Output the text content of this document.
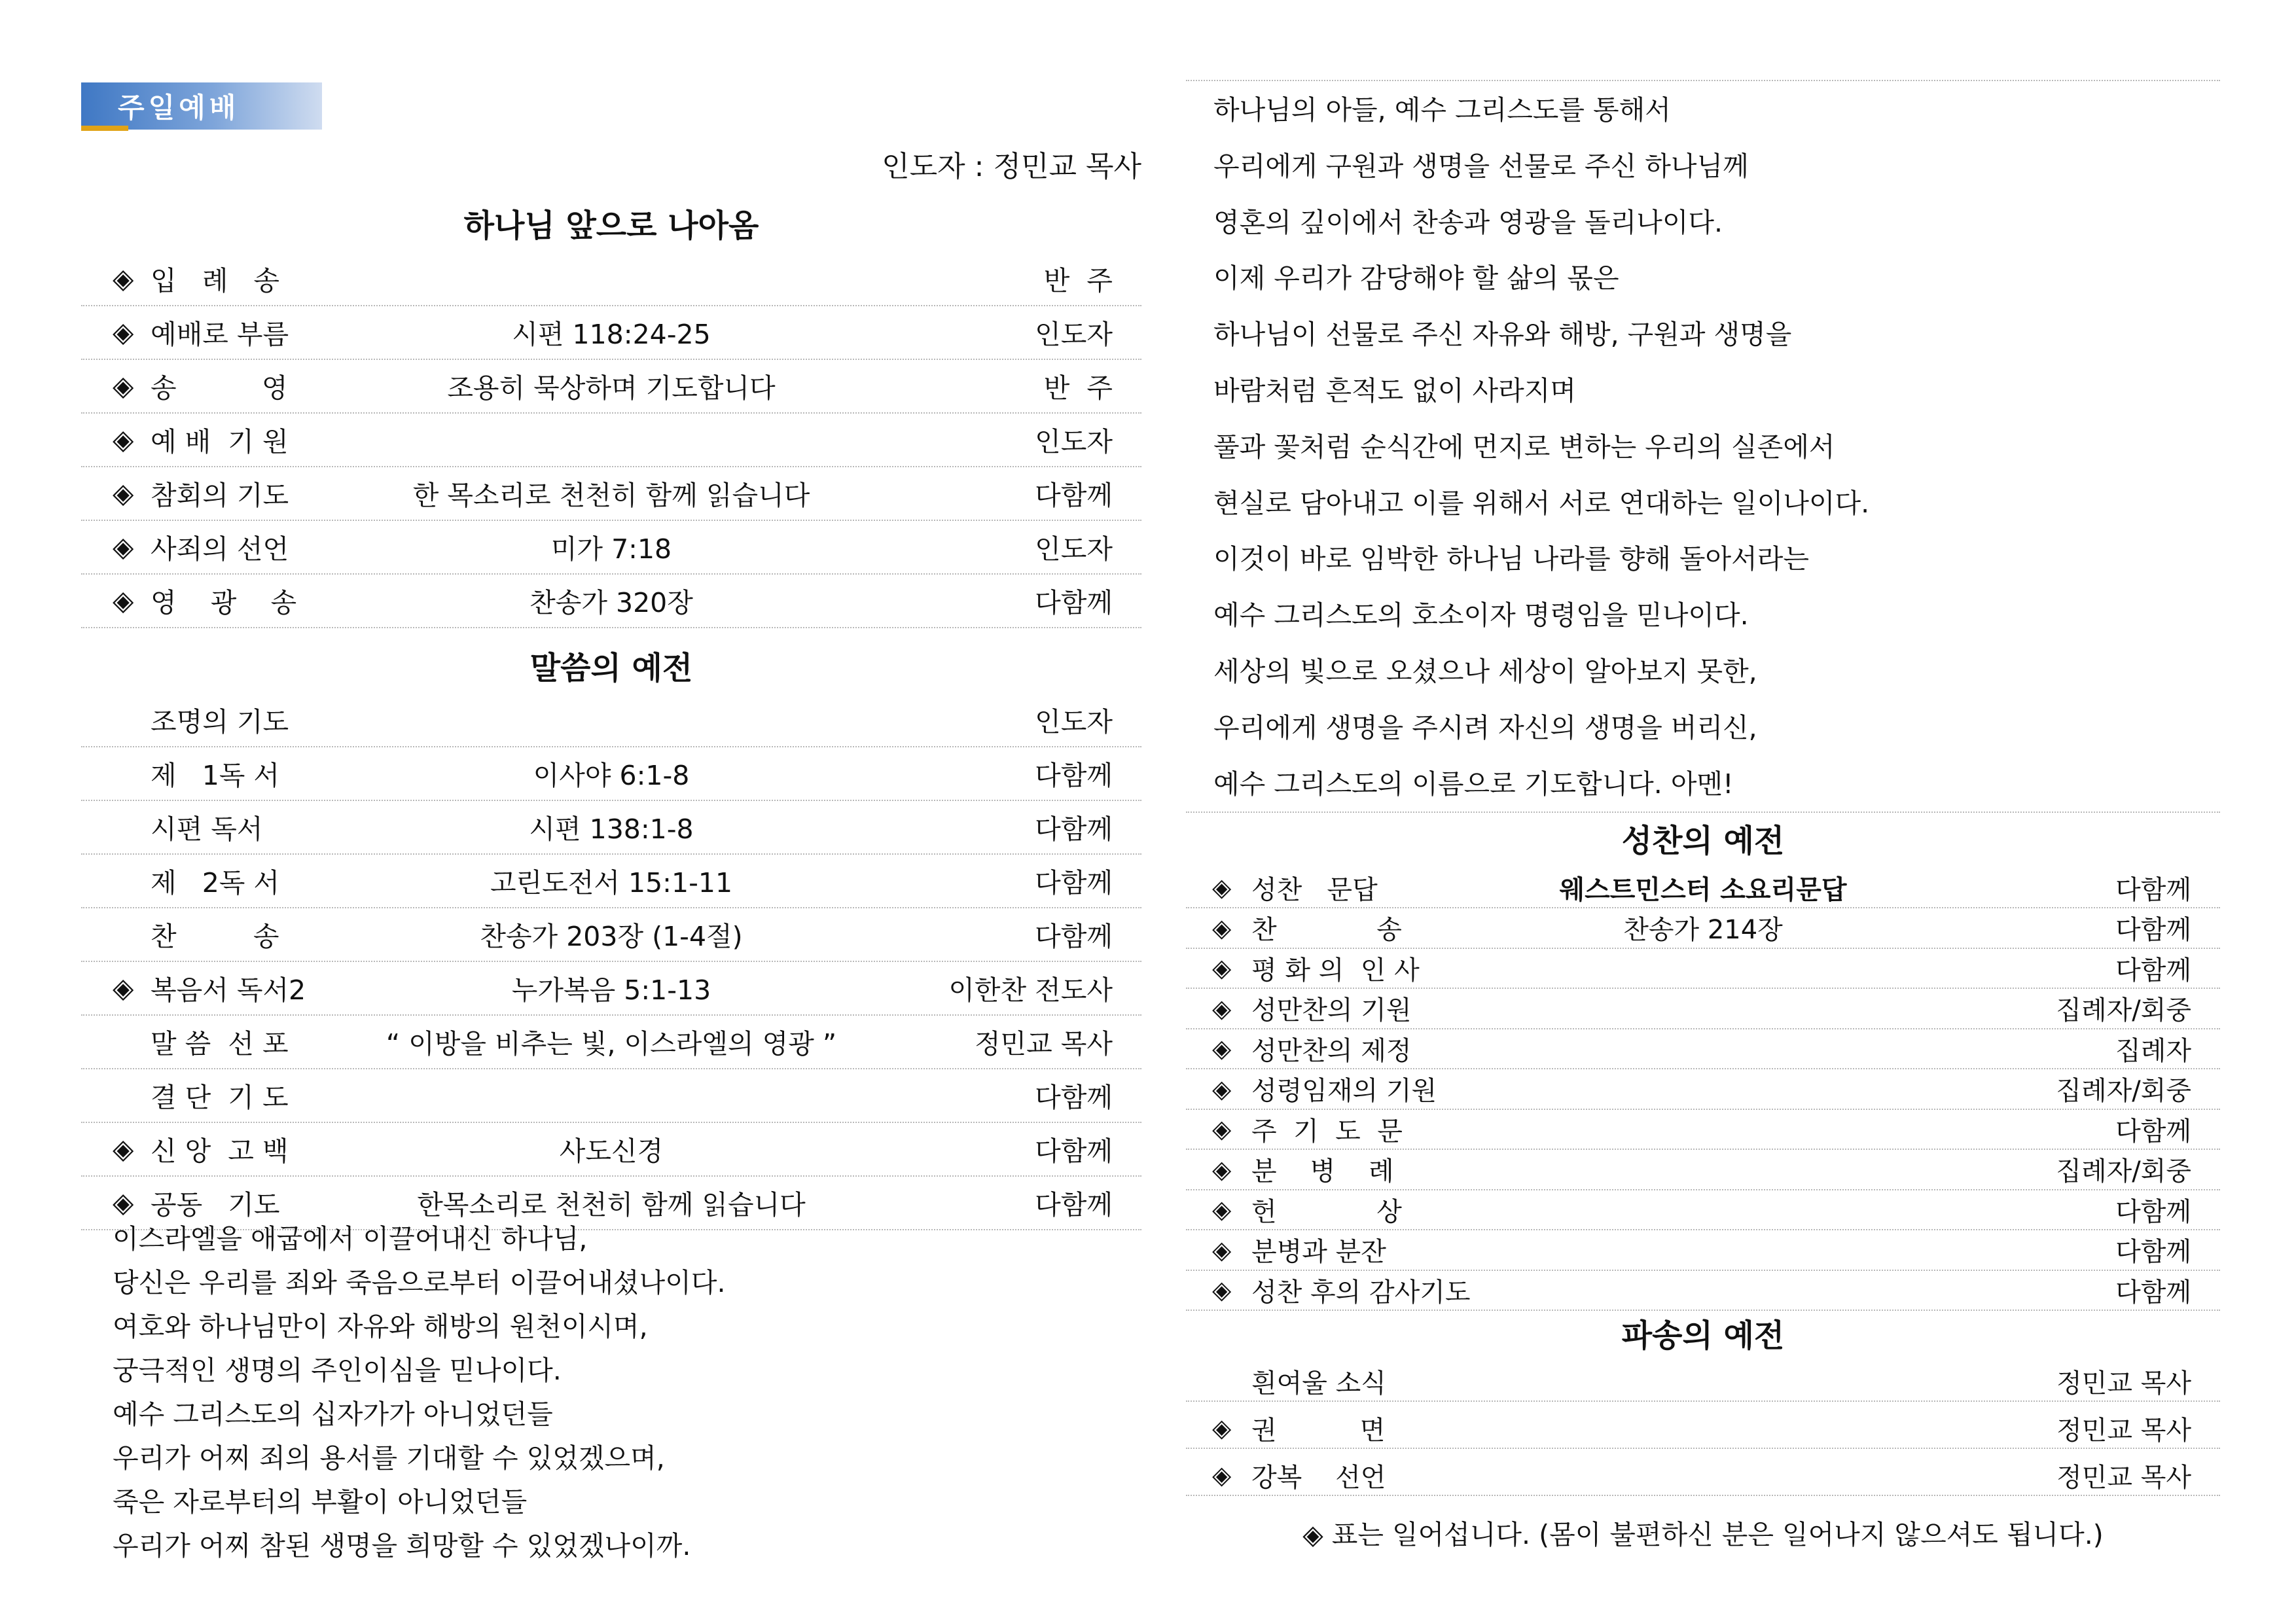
주일예배
인도자 : 정민교 목사
하나님 앞으로 나아옴
◈ 입   례   송	반  주
◈ 예배로 부름	시편 118:24-25	인도자
◈ 송          영	조용히 묵상하며 기도합니다	반  주
◈ 예 배  기 원	인도자
◈ 참회의 기도	한 목소리로 천천히 함께 읽습니다	다함께
◈ 사죄의 선언	미가 7:18	인도자
◈ 영    광    송	찬송가 320장	다함께
말씀의 예전
조명의 기도	인도자
제   1독 서	이사야 6:1-8	다함께
시편 독서	시편 138:1-8	다함께
제   2독 서	고린도전서 15:1-11	다함께
찬         송	찬송가 203장 (1-4절)	다함께
◈ 복음서 독서2	누가복음 5:1-13	이한찬 전도사
말 씀  선 포	“ 이방을 비추는 빛, 이스라엘의 영광 ”	정민교 목사
결 단  기 도	다함께
◈ 신 앙  고 백	사도신경	다함께
◈ 공동   기도	한목소리로 천천히 함께 읽습니다	다함께
이스라엘을 애굽에서 이끌어내신 하나님,
당신은 우리를 죄와 죽음으로부터 이끌어내셨나이다.
여호와 하나님만이 자유와 해방의 원천이시며,
궁극적인 생명의 주인이심을 믿나이다.
예수 그리스도의 십자가가 아니었던들
우리가 어찌 죄의 용서를 기대할 수 있었겠으며,
죽은 자로부터의 부활이 아니었던들
우리가 어찌 참된 생명을 희망할 수 있었겠나이까.
하나님의 아들, 예수 그리스도를 통해서
우리에게 구원과 생명을 선물로 주신 하나님께
영혼의 깊이에서 찬송과 영광을 돌리나이다.
이제 우리가 감당해야 할 삶의 몫은
하나님이 선물로 주신 자유와 해방, 구원과 생명을
바람처럼 흔적도 없이 사라지며
풀과 꽃처럼 순식간에 먼지로 변하는 우리의 실존에서
현실로 담아내고 이를 위해서 서로 연대하는 일이나이다.
이것이 바로 임박한 하나님 나라를 향해 돌아서라는
예수 그리스도의 호소이자 명령임을 믿나이다.
세상의 빛으로 오셨으나 세상이 알아보지 못한,
우리에게 생명을 주시려 자신의 생명을 버리신,
예수 그리스도의 이름으로 기도합니다. 아멘!
성찬의 예전
◈ 성찬   문답	웨스트민스터 소요리문답	다함께
◈ 찬            송	찬송가 214장	다함께
◈ 평 화 의  인 사	다함께
◈ 성만찬의 기원	집례자/회중
◈ 성만찬의 제정	집례자
◈ 성령임재의 기원	집례자/회중
◈ 주  기  도  문	다함께
◈ 분    병    례	집례자/회중
◈ 헌            상	다함께
◈ 분병과 분잔	다함께
◈ 성찬 후의 감사기도	다함께
파송의 예전
흰여울 소식	정민교 목사
◈ 권          면	정민교 목사
◈ 강복    선언	정민교 목사
◈ 표는 일어섭니다. (몸이 불편하신 분은 일어나지 않으셔도 됩니다.)
